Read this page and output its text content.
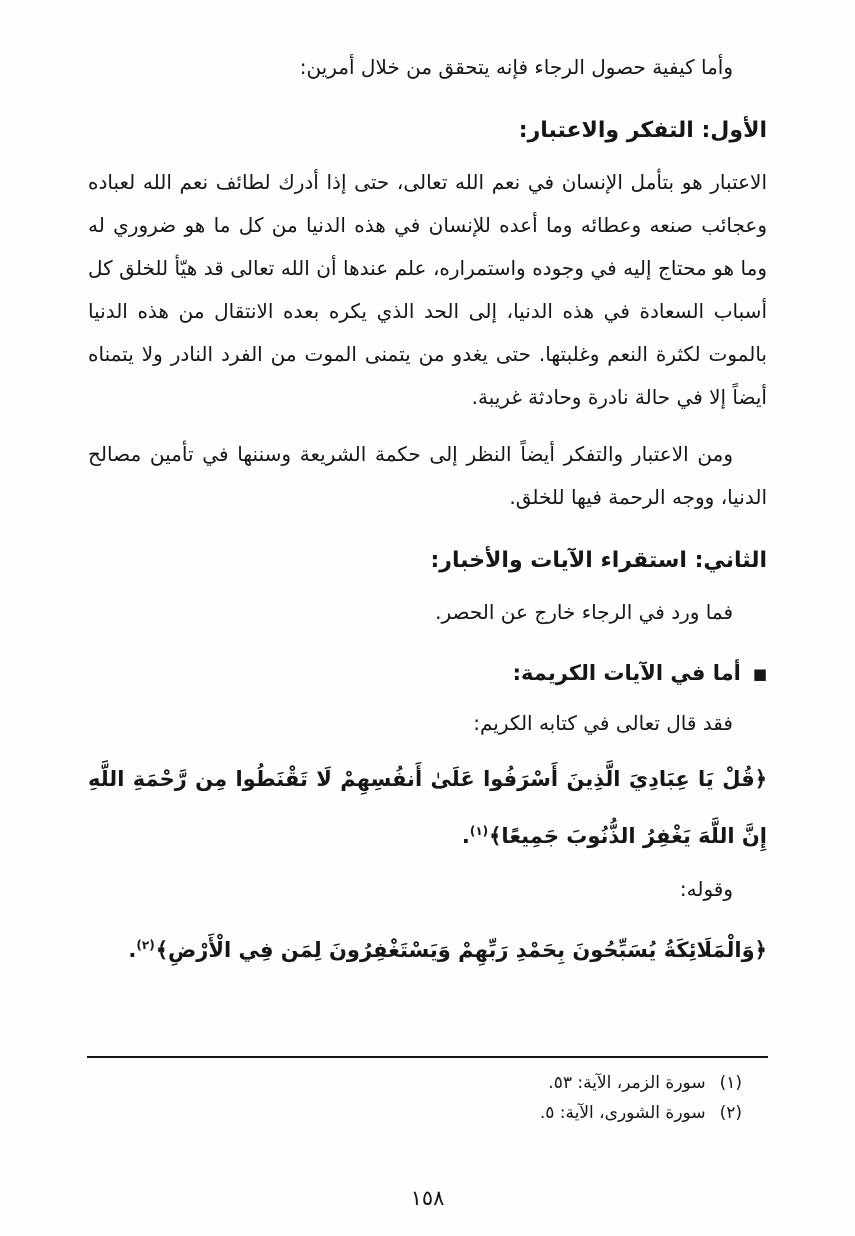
وأما كيفية حصول الرجاء فإنه يتحقق من خلال أمرين:

الأول: التفكر والاعتبار:

الاعتبار هو بتأمل الإنسان في نعم الله تعالى، حتى إذا أدرك لطائف نعم الله لعباده وعجائب صنعه وعطائه وما أعده للإنسان في هذه الدنيا من كل ما هو ضروري له وما هو محتاج إليه في وجوده واستمراره، علم عندها أن الله تعالى قد هيّأ للخلق كل أسباب السعادة في هذه الدنيا، إلى الحد الذي يكره بعده الانتقال من هذه الدنيا بالموت لكثرة النعم وغلبتها. حتى يغدو من يتمنى الموت من الفرد النادر ولا يتمناه أيضاً إلا في حالة نادرة وحادثة غريبة.

ومن الاعتبار والتفكر أيضاً النظر إلى حكمة الشريعة وسننها في تأمين مصالح الدنيا، ووجه الرحمة فيها للخلق.

الثاني: استقراء الآيات والأخبار:

فما ورد في الرجاء خارج عن الحصر.

■
أما في الآيات الكريمة:

فقد قال تعالى في كتابه الكريم:

﴿قُلْ يَا عِبَادِيَ الَّذِينَ أَسْرَفُوا عَلَىٰ أَنفُسِهِمْ لَا تَقْنَطُوا مِن رَّحْمَةِ اللَّهِ إِنَّ اللَّهَ يَغْفِرُ الذُّنُوبَ جَمِيعًا﴾$^{(١)}$.

وقوله:

﴿وَالْمَلَائِكَةُ يُسَبِّحُونَ بِحَمْدِ رَبِّهِمْ وَيَسْتَغْفِرُونَ لِمَن فِي الْأَرْضِ﴾$^{(٢)}$.

(١)
سورة الزمر، الآية: ٥٣.
(٢)
سورة الشورى، الآية: ٥.
١٥٨
